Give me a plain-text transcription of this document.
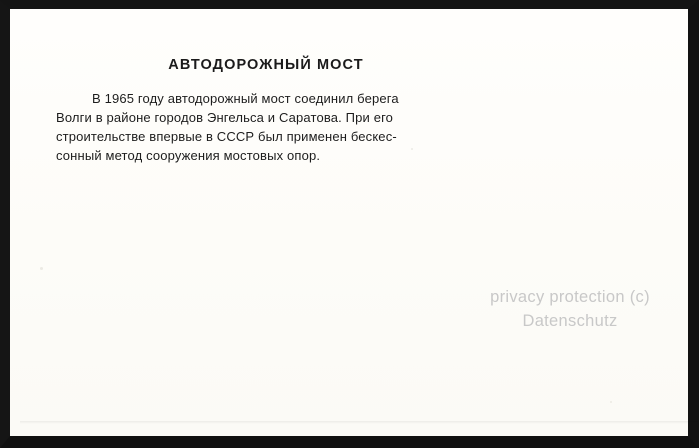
АВТОДОРОЖНЫЙ МОСТ
В 1965 году автодорожный мост соединил берега
Волги в районе городов Энгельса и Саратова. При его
строительстве впервые в СССР был применен бескес-
сонный метод сооружения мостовых опор.
privacy protection (c)
Datenschutz
